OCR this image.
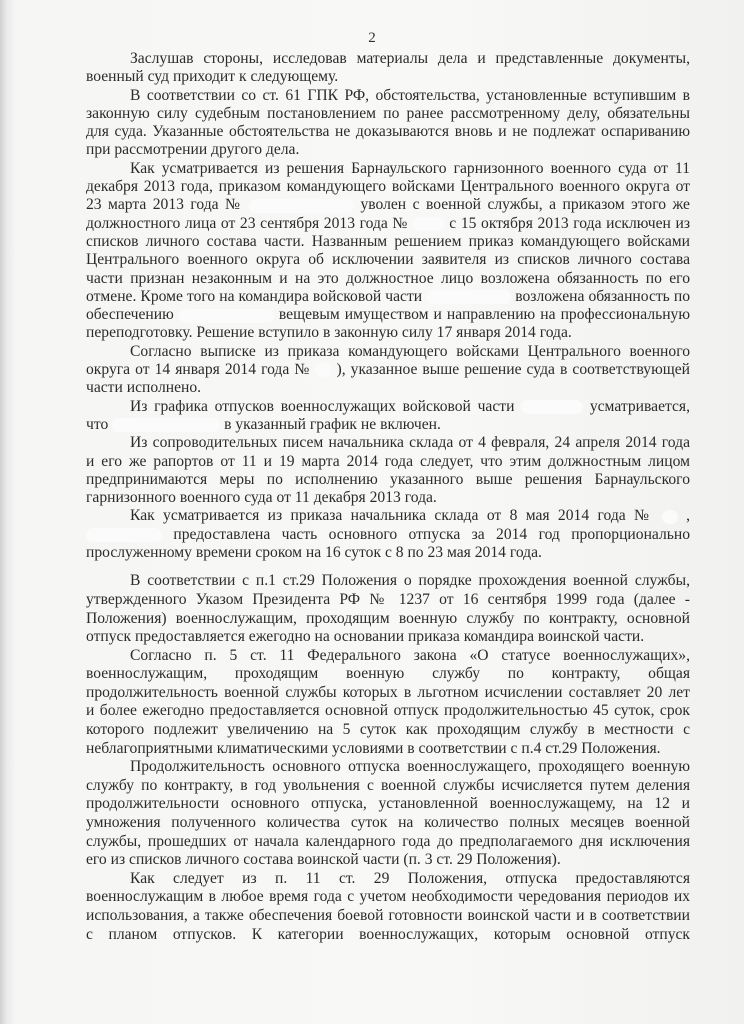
2
Заслушав стороны, исследовав материалы дела и представленные документы,
военный суд приходит к следующему.
В соответствии со ст. 61 ГПК РФ, обстоятельства, установленные вступившим в
законную силу судебным постановлением по ранее рассмотренному делу, обязательны
для суда. Указанные обстоятельства не доказываются вновь и не подлежат оспариванию
при рассмотрении другого дела.
Как усматривается из решения Барнаульского гарнизонного военного суда от 11
декабря 2013 года, приказом командующего войсками Центрального военного округа от
23 марта 2013 года №	уволен с военной службы, а приказом этого же
должностного лица от 23 сентября 2013 года №	с 15 октября 2013 года исключен из
списков личного состава части. Названным решением приказ командующего войсками
Центрального военного округа об исключении заявителя из списков личного состава
части признан незаконным и на это должностное лицо возложена обязанность по его
отмене. Кроме того на командира войсковой части	возложена обязанность по
обеспечению	вещевым имуществом и направлению на профессиональную
переподготовку. Решение вступило в законную силу 17 января 2014 года.
Согласно выписке из приказа командующего войсками Центрального военного
округа от 14 января 2014 года № ), указанное выше решение суда в соответствующей
части исполнено.
Из графика отпусков военнослужащих войсковой части	усматривается,
что	в указанный график не включен.
Из сопроводительных писем начальника склада от 4 февраля, 24 апреля 2014 года
и его же рапортов от 11 и 19 марта 2014 года следует, что этим должностным лицом
предпринимаются меры по исполнению указанного выше решения Барнаульского
гарнизонного военного суда от 11 декабря 2013 года.
Как усматривается из приказа начальника склада от 8 мая 2014 года № ,
предоставлена часть основного отпуска за 2014 год пропорционально
прослуженному времени сроком на 16 суток с 8 по 23 мая 2014 года.
В соответствии с п.1 ст.29 Положения о порядке прохождения военной службы,
утвержденного Указом Президента РФ № 1237 от 16 сентября 1999 года (далее -
Положения) военнослужащим, проходящим военную службу по контракту, основной
отпуск предоставляется ежегодно на основании приказа командира воинской части.
Согласно п. 5 ст. 11 Федерального закона «О статусе военнослужащих»,
военнослужащим, проходящим военную службу по контракту, общая
продолжительность военной службы которых в льготном исчислении составляет 20 лет
и более ежегодно предоставляется основной отпуск продолжительностью 45 суток, срок
которого подлежит увеличению на 5 суток как проходящим службу в местности с
неблагоприятными климатическими условиями в соответствии с п.4 ст.29 Положения.
Продолжительность основного отпуска военнослужащего, проходящего военную
службу по контракту, в год увольнения с военной службы исчисляется путем деления
продолжительности основного отпуска, установленной военнослужащему, на 12 и
умножения полученного количества суток на количество полных месяцев военной
службы, прошедших от начала календарного года до предполагаемого дня исключения
его из списков личного состава воинской части (п. 3 ст. 29 Положения).
Как следует из п. 11 ст. 29 Положения, отпуска предоставляются
военнослужащим в любое время года с учетом необходимости чередования периодов их
использования, а также обеспечения боевой готовности воинской части и в соответствии
с планом отпусков. К категории военнослужащих, которым основной отпуск
